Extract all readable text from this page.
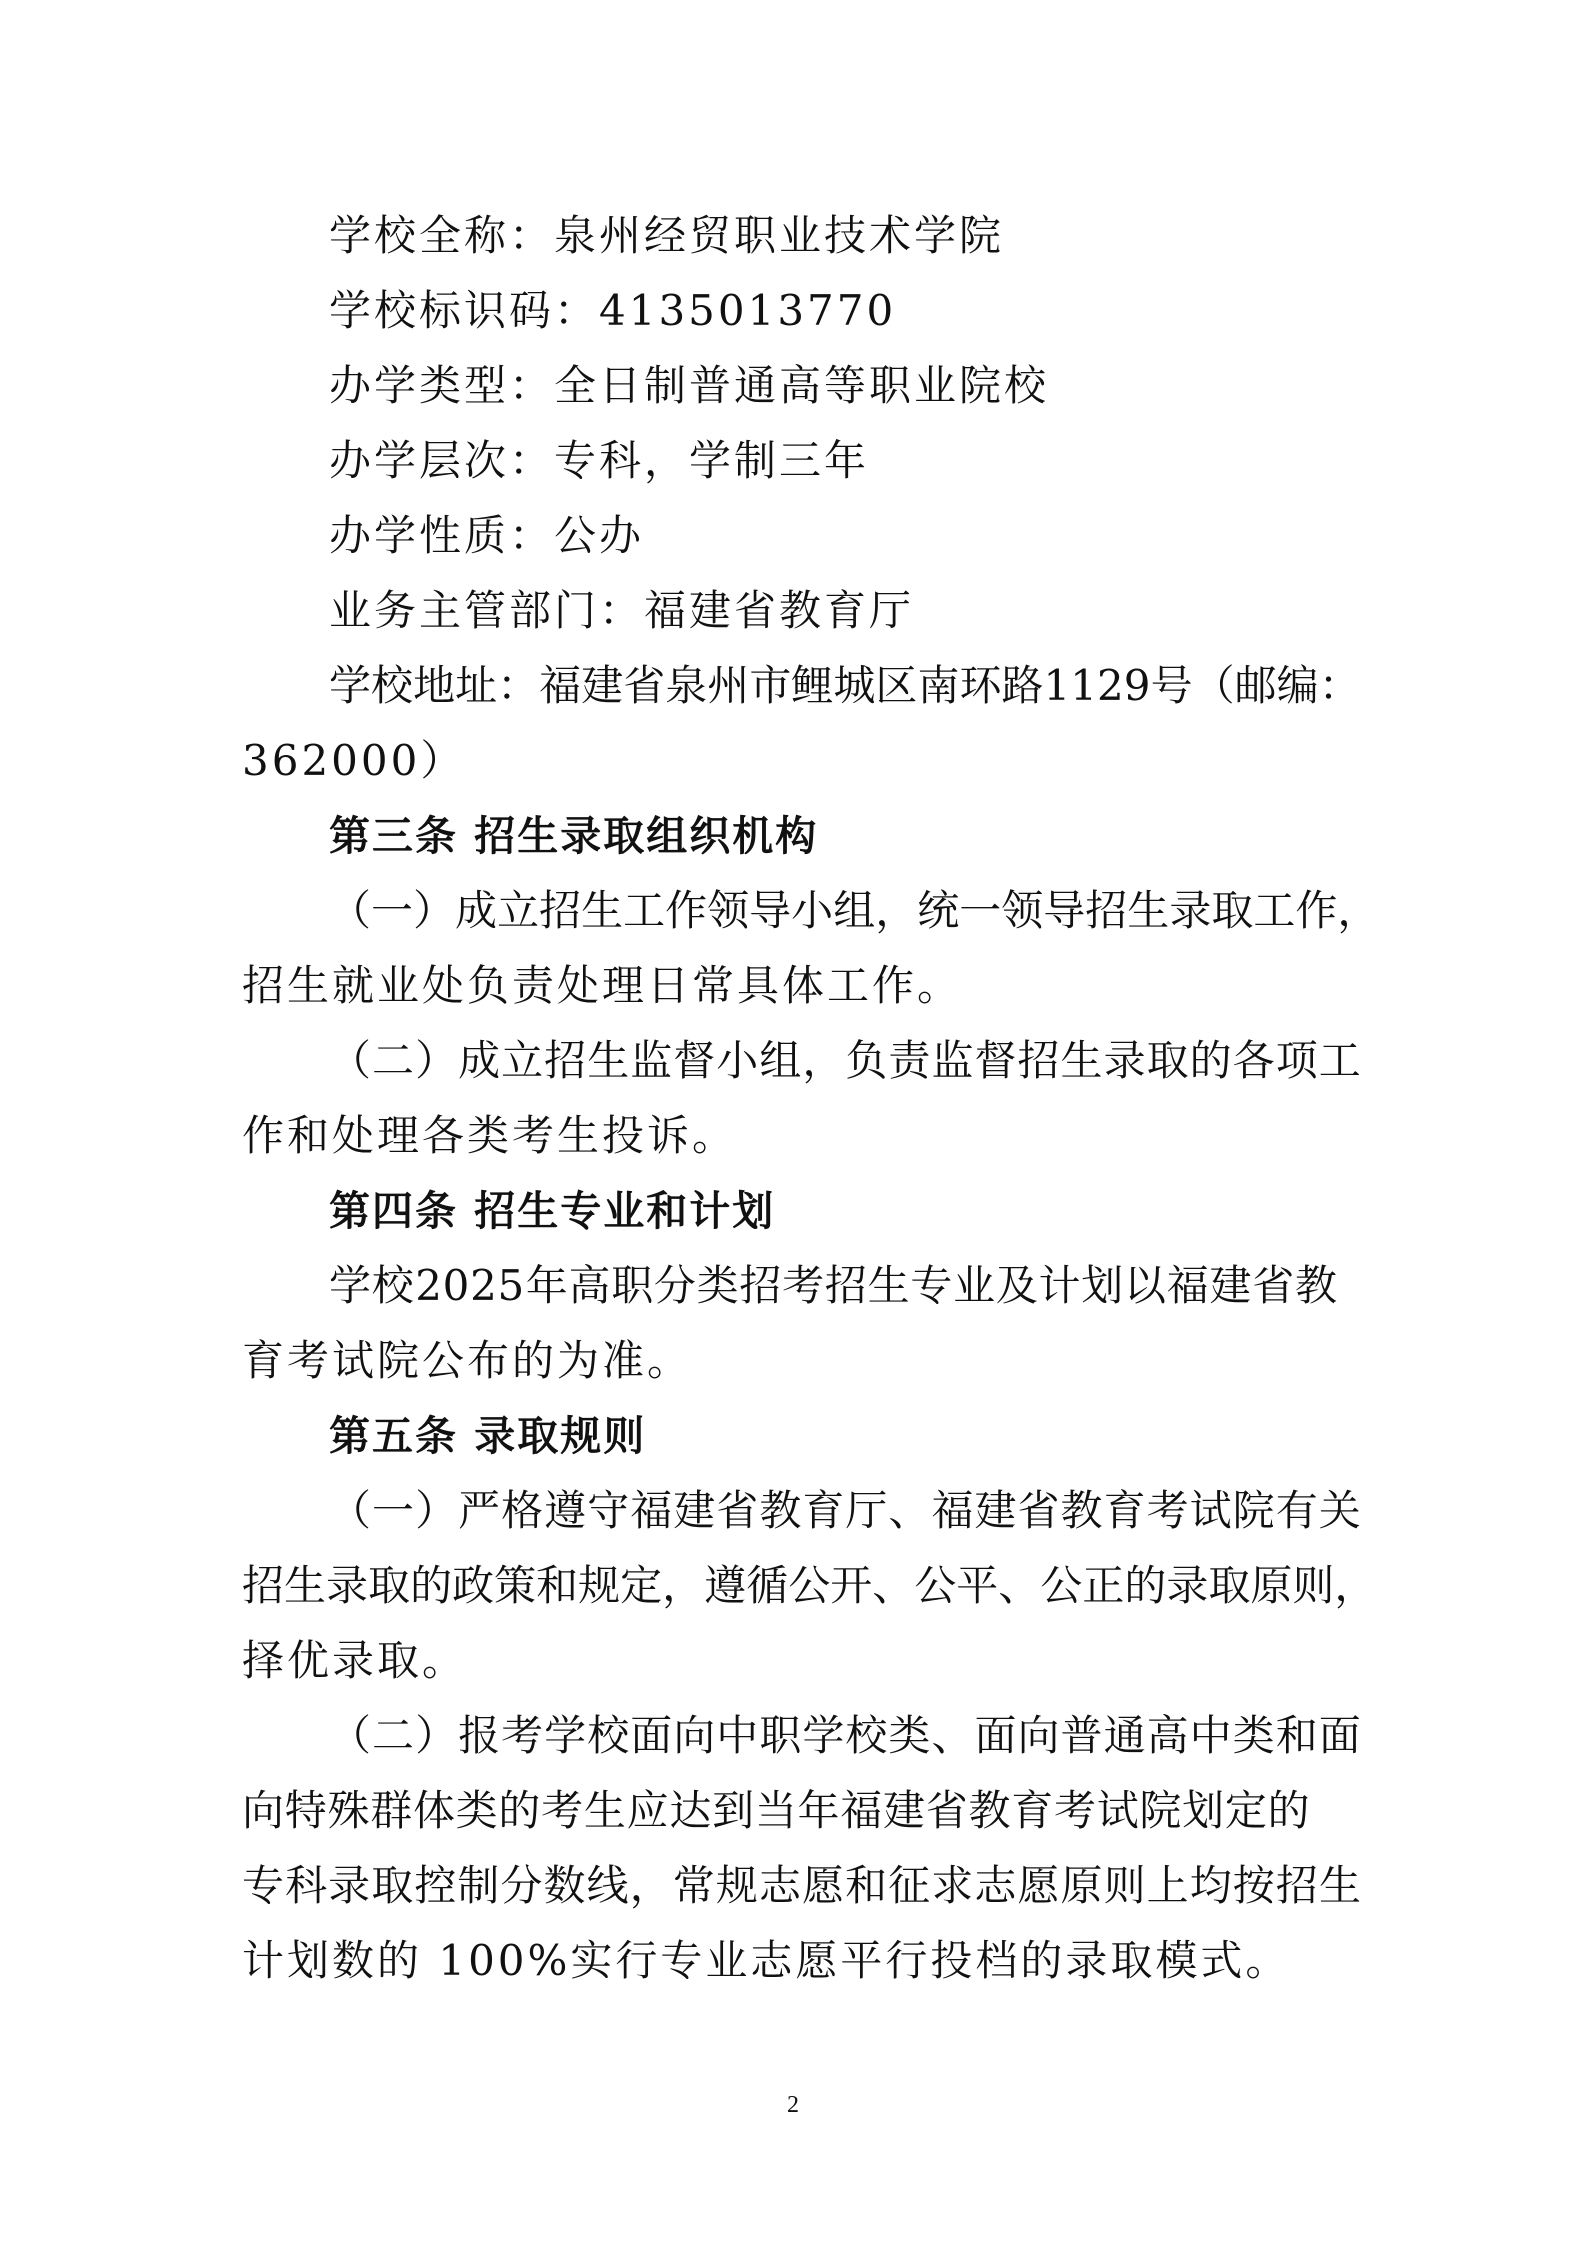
学校全称：泉州经贸职业技术学院

学校标识码：4135013770

办学类型：全日制普通高等职业院校

办学层次：专科，学制三年

办学性质：公办

业务主管部门：福建省教育厅

学 校 地 址 ： 福 建 省 泉 州 市 鲤 城 区 南 环 路 1 1 2 9 号 （ 邮 编 ：

362000）

第三条 招生录取组织机构

（ 一 ） 成 立 招 生 工 作 领 导 小 组 ， 统 一 领 导 招 生 录 取 工 作 ，

招生就业处负责处理日常具体工作。

（ 二 ） 成 立 招 生 监 督 小 组 ， 负 责 监 督 招 生 录 取 的 各 项 工

作和处理各类考生投诉。

第四条 招生专业和计划

学 校 2 0 2 5 年 高 职 分 类 招 考 招 生 专 业 及 计 划 以 福 建 省 教

育考试院公布的为准。

第五条 录取规则

（ 一 ） 严 格 遵 守 福 建 省 教 育 厅 、 福 建 省 教 育 考 试 院 有 关

招 生 录 取 的 政 策 和 规 定 ， 遵 循 公 开 、 公 平 、 公 正 的 录 取 原 则 ，

择优录取。

（ 二 ） 报 考 学 校 面 向 中 职 学 校 类 、 面 向 普 通 高 中 类 和 面

向 特 殊 群 体 类 的 考 生 应 达 到 当 年 福 建 省 教 育 考 试 院 划 定 的

专 科 录 取 控 制 分 数 线 ， 常 规 志 愿 和 征 求 志 愿 原 则 上 均 按 招 生

计划数的 100%实行专业志愿平行投档的录取模式。

2
